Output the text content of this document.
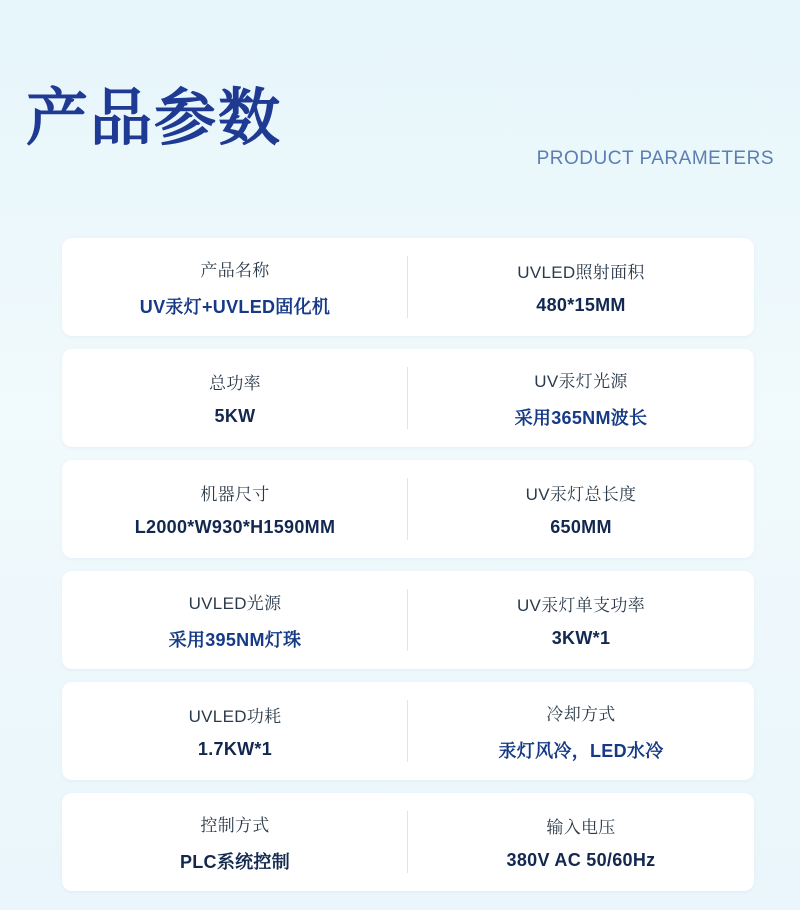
产品参数
PRODUCT PARAMETERS
产品名称
UV汞灯+UVLED固化机
UVLED照射面积
480*15MM
总功率
5KW
UV汞灯光源
采用365NM波长
机器尺寸
L2000*W930*H1590MM
UV汞灯总长度
650MM
UVLED光源
采用395NM灯珠
UV汞灯单支功率
3KW*1
UVLED功耗
1.7KW*1
冷却方式
汞灯风冷，LED水冷
控制方式
PLC系统控制
输入电压
380V AC 50/60Hz
